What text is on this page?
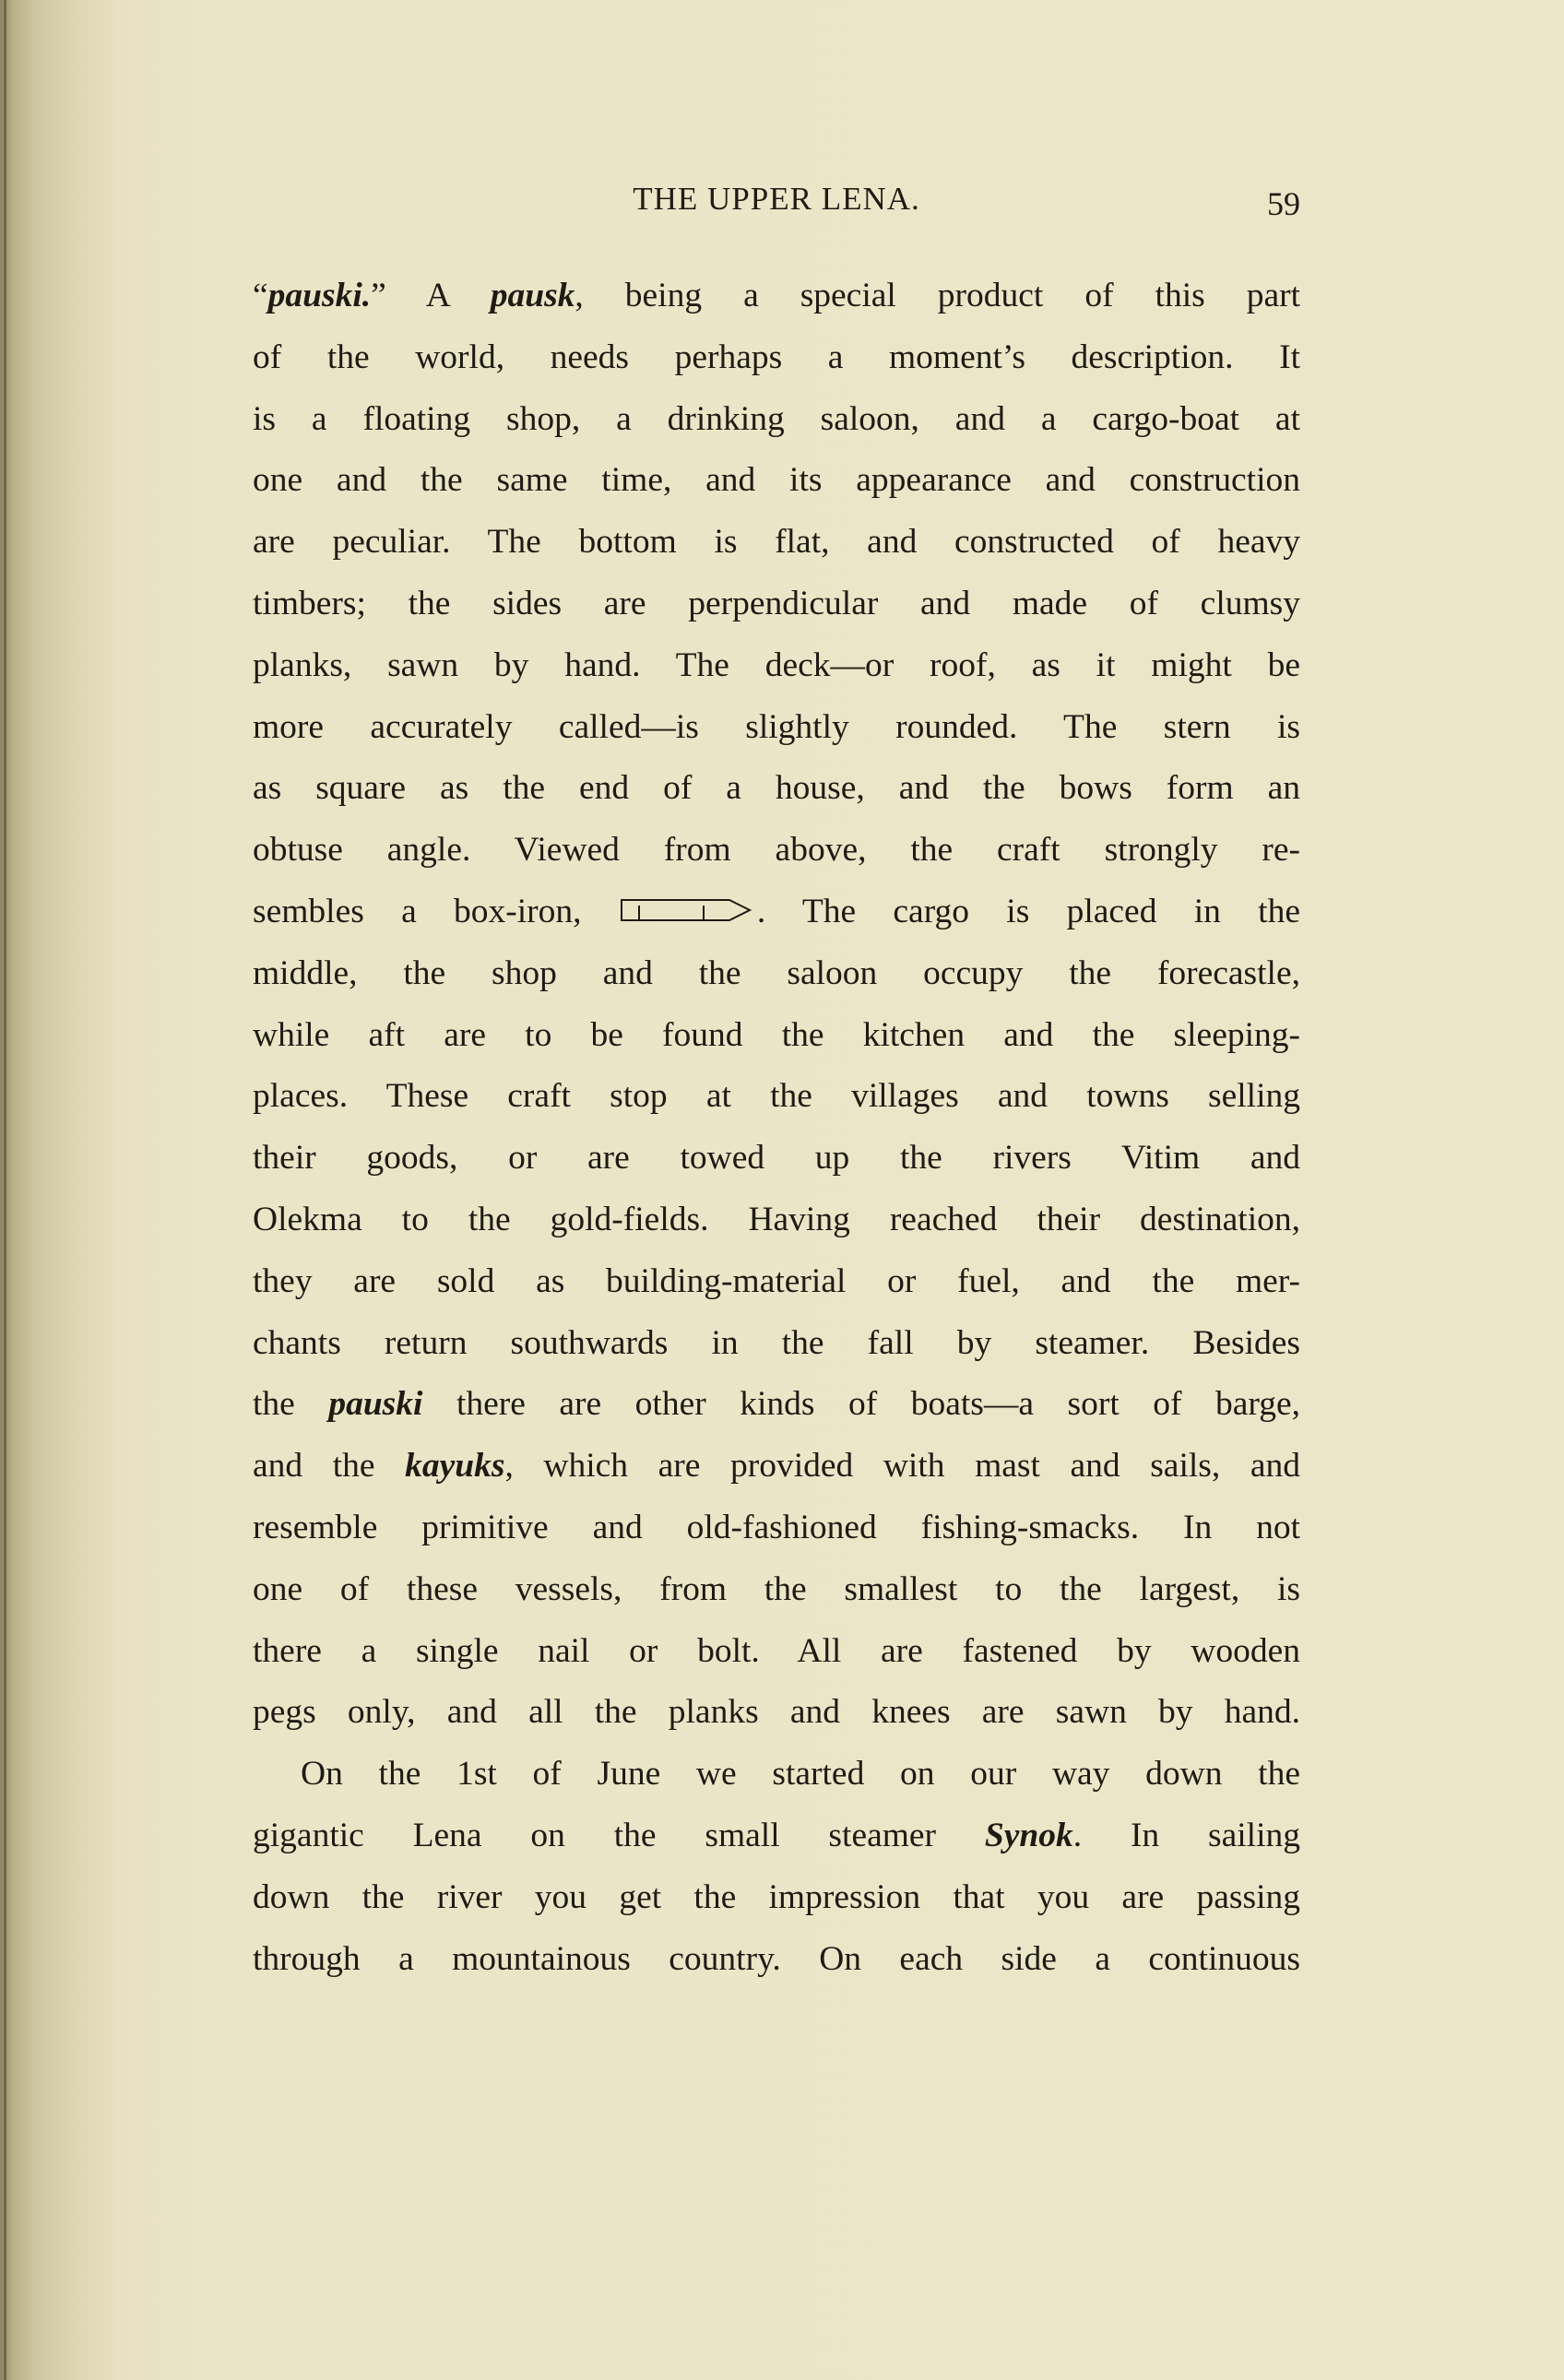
THE UPPER LENA.	59
“pauski.” A pausk, being a special product of this part
of the world, needs perhaps a moment’s description. It
is a floating shop, a drinking saloon, and a cargo-boat at
one and the same time, and its appearance and construction
are peculiar. The bottom is flat, and constructed of heavy
timbers; the sides are perpendicular and made of clumsy
planks, sawn by hand. The deck—or roof, as it might be
more accurately called—is slightly rounded. The stern is
as square as the end of a house, and the bows form an
obtuse angle. Viewed from above, the craft strongly re-
sembles a box-iron,	. The cargo is placed in the
middle, the shop and the saloon occupy the forecastle,
while aft are to be found the kitchen and the sleeping-
places. These craft stop at the villages and towns selling
their goods, or are towed up the rivers Vitim and
Olekma to the gold-fields. Having reached their destination,
they are sold as building-material or fuel, and the mer-
chants return southwards in the fall by steamer. Besides
the pauski there are other kinds of boats—a sort of barge,
and the kayuks, which are provided with mast and sails, and
resemble primitive and old-fashioned fishing-smacks. In not
one of these vessels, from the smallest to the largest, is
there a single nail or bolt. All are fastened by wooden
pegs only, and all the planks and knees are sawn by hand.
On the 1st of June we started on our way down the
gigantic Lena on the small steamer Synok. In sailing
down the river you get the impression that you are passing
through a mountainous country. On each side a continuous
